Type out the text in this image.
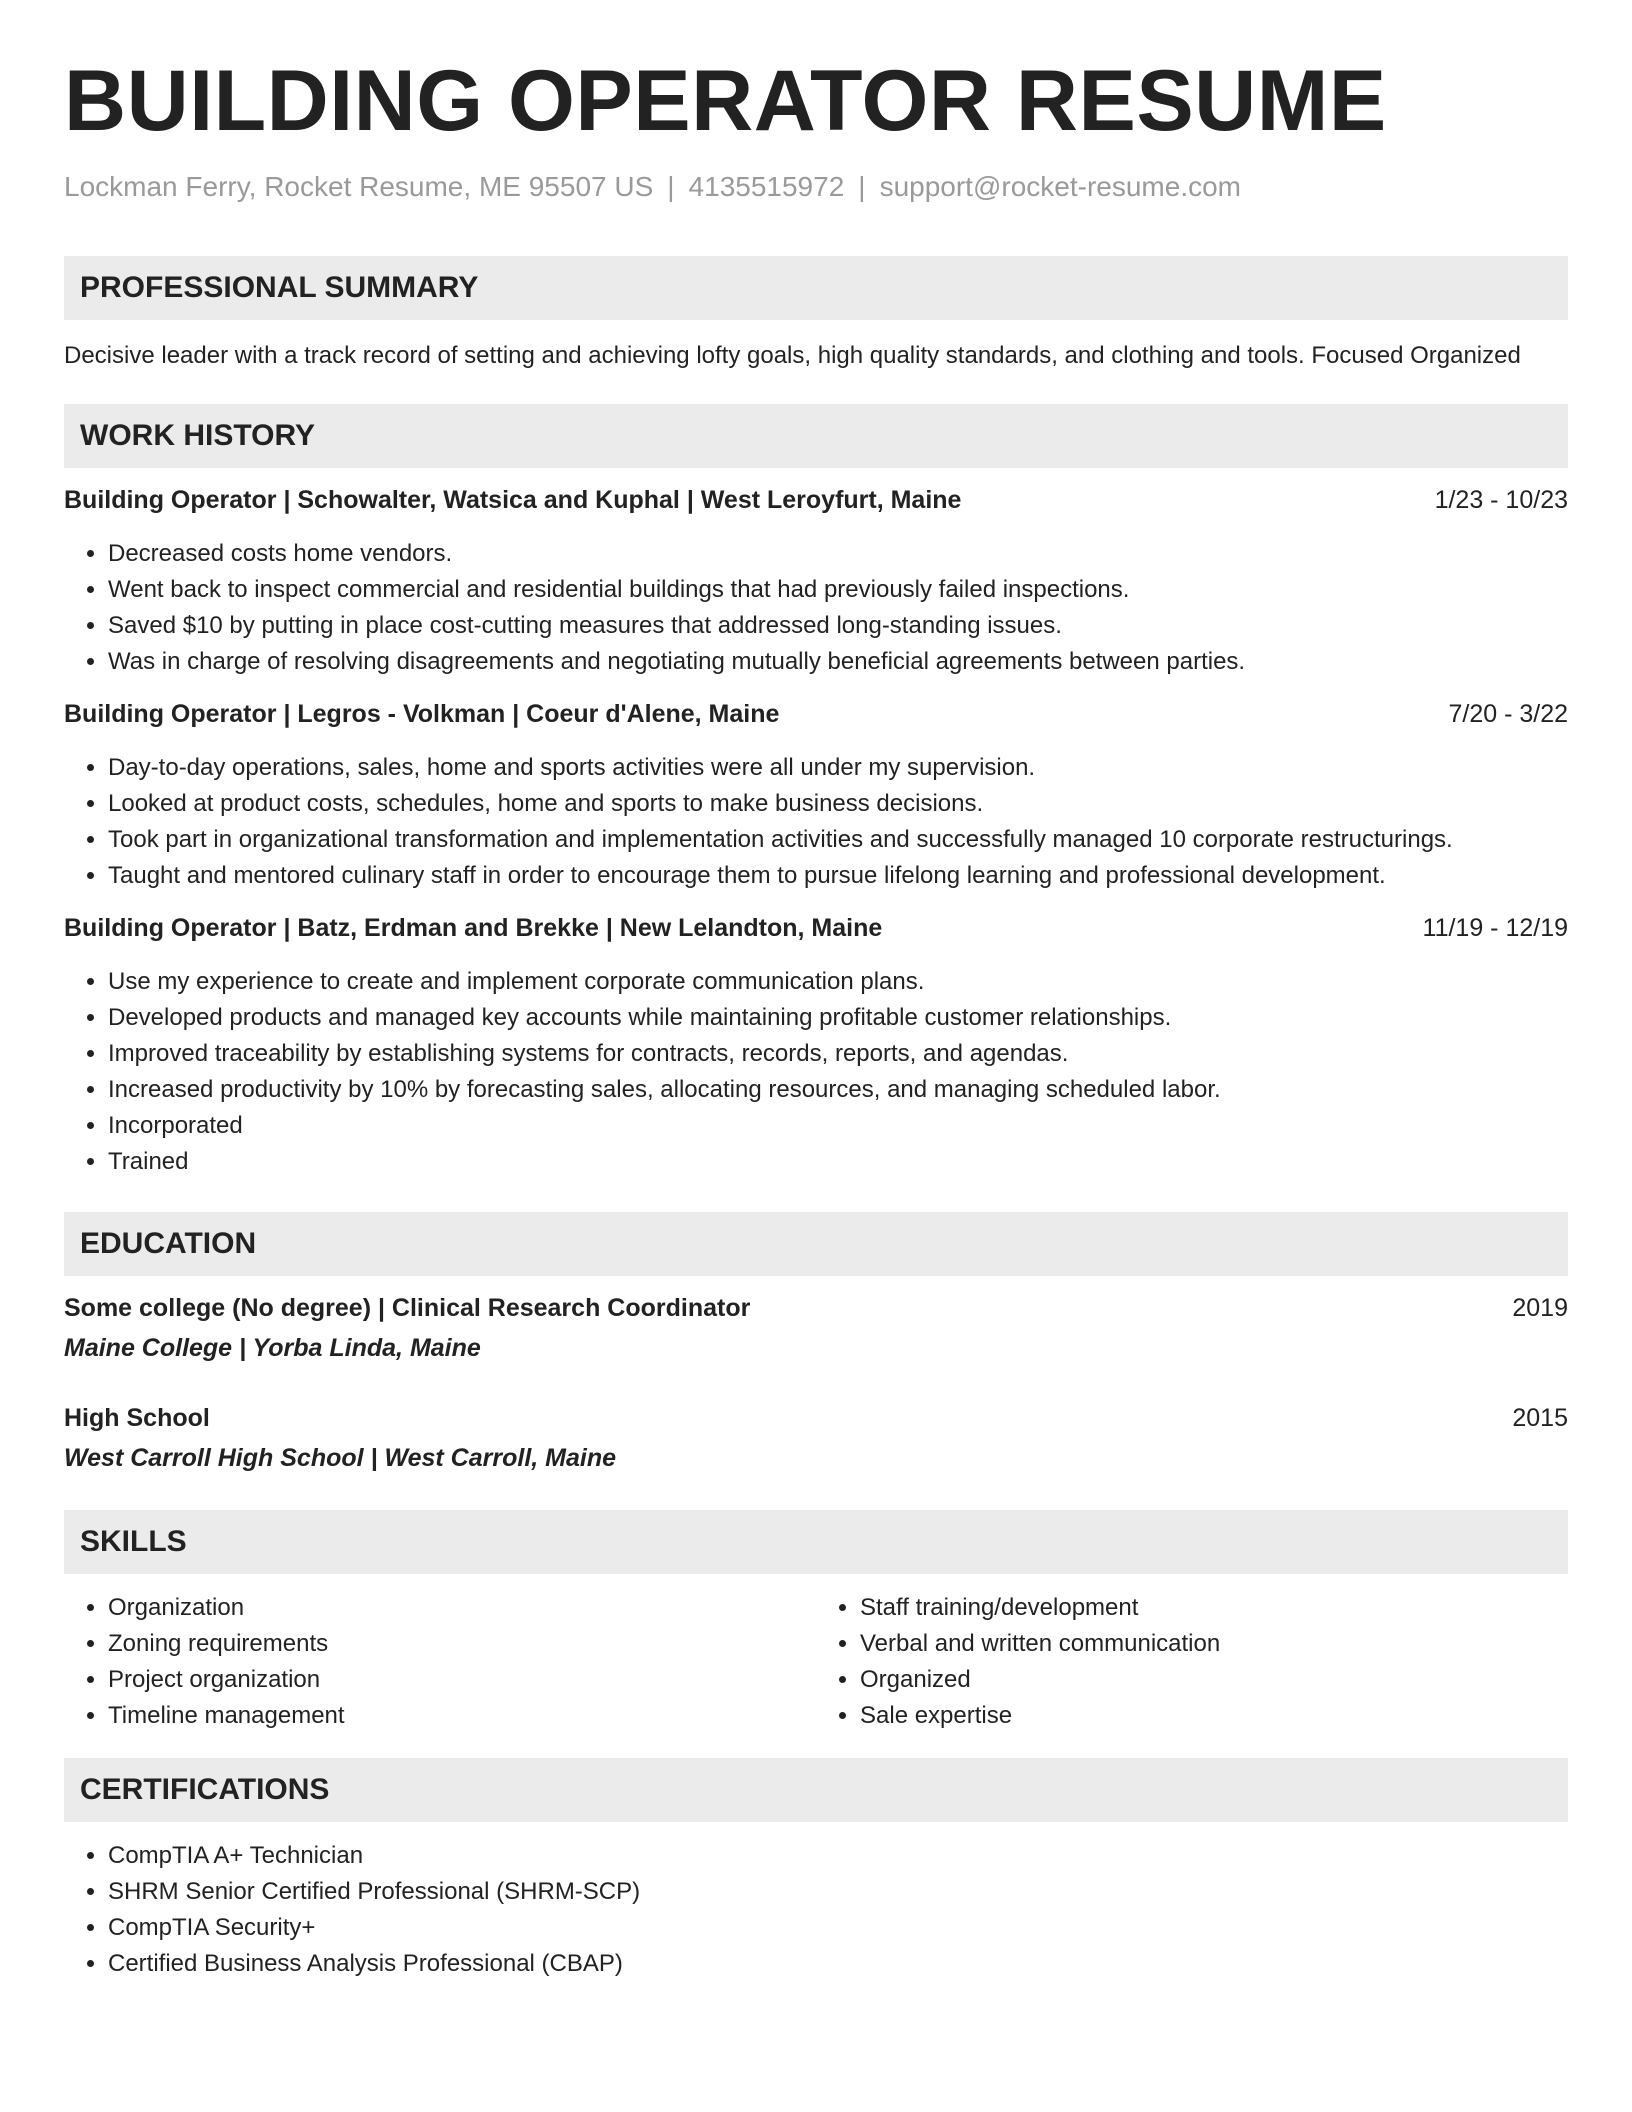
BUILDING OPERATOR RESUME
Lockman Ferry, Rocket Resume, ME 95507 US | 4135515972 | support@rocket-resume.com
PROFESSIONAL SUMMARY

Decisive leader with a track record of setting and achieving lofty goals, high quality standards, and clothing and tools. Focused Organized

WORK HISTORY
Building Operator | Schowalter, Watsica and Kuphal | West Leroyfurt, Maine	1/23 - 10/23
• Decreased costs home vendors.
• Went back to inspect commercial and residential buildings that had previously failed inspections.
• Saved $10 by putting in place cost-cutting measures that addressed long-standing issues.
• Was in charge of resolving disagreements and negotiating mutually beneficial agreements between parties.
Building Operator | Legros - Volkman | Coeur d'Alene, Maine	7/20 - 3/22
• Day-to-day operations, sales, home and sports activities were all under my supervision.
• Looked at product costs, schedules, home and sports to make business decisions.
• Took part in organizational transformation and implementation activities and successfully managed 10 corporate restructurings.
• Taught and mentored culinary staff in order to encourage them to pursue lifelong learning and professional development.
Building Operator | Batz, Erdman and Brekke | New Lelandton, Maine	11/19 - 12/19
• Use my experience to create and implement corporate communication plans.
• Developed products and managed key accounts while maintaining profitable customer relationships.
• Improved traceability by establishing systems for contracts, records, reports, and agendas.
• Increased productivity by 10% by forecasting sales, allocating resources, and managing scheduled labor.
• Incorporated
• Trained
EDUCATION
Some college (No degree) | Clinical Research Coordinator	2019
Maine College | Yorba Linda, Maine
High School	2015
West Carroll High School | West Carroll, Maine
SKILLS
• Organization
• Zoning requirements
• Project organization
• Timeline management
• Staff training/development
• Verbal and written communication
• Organized
• Sale expertise
CERTIFICATIONS
• CompTIA A+ Technician
• SHRM Senior Certified Professional (SHRM-SCP)
• CompTIA Security+
• Certified Business Analysis Professional (CBAP)
